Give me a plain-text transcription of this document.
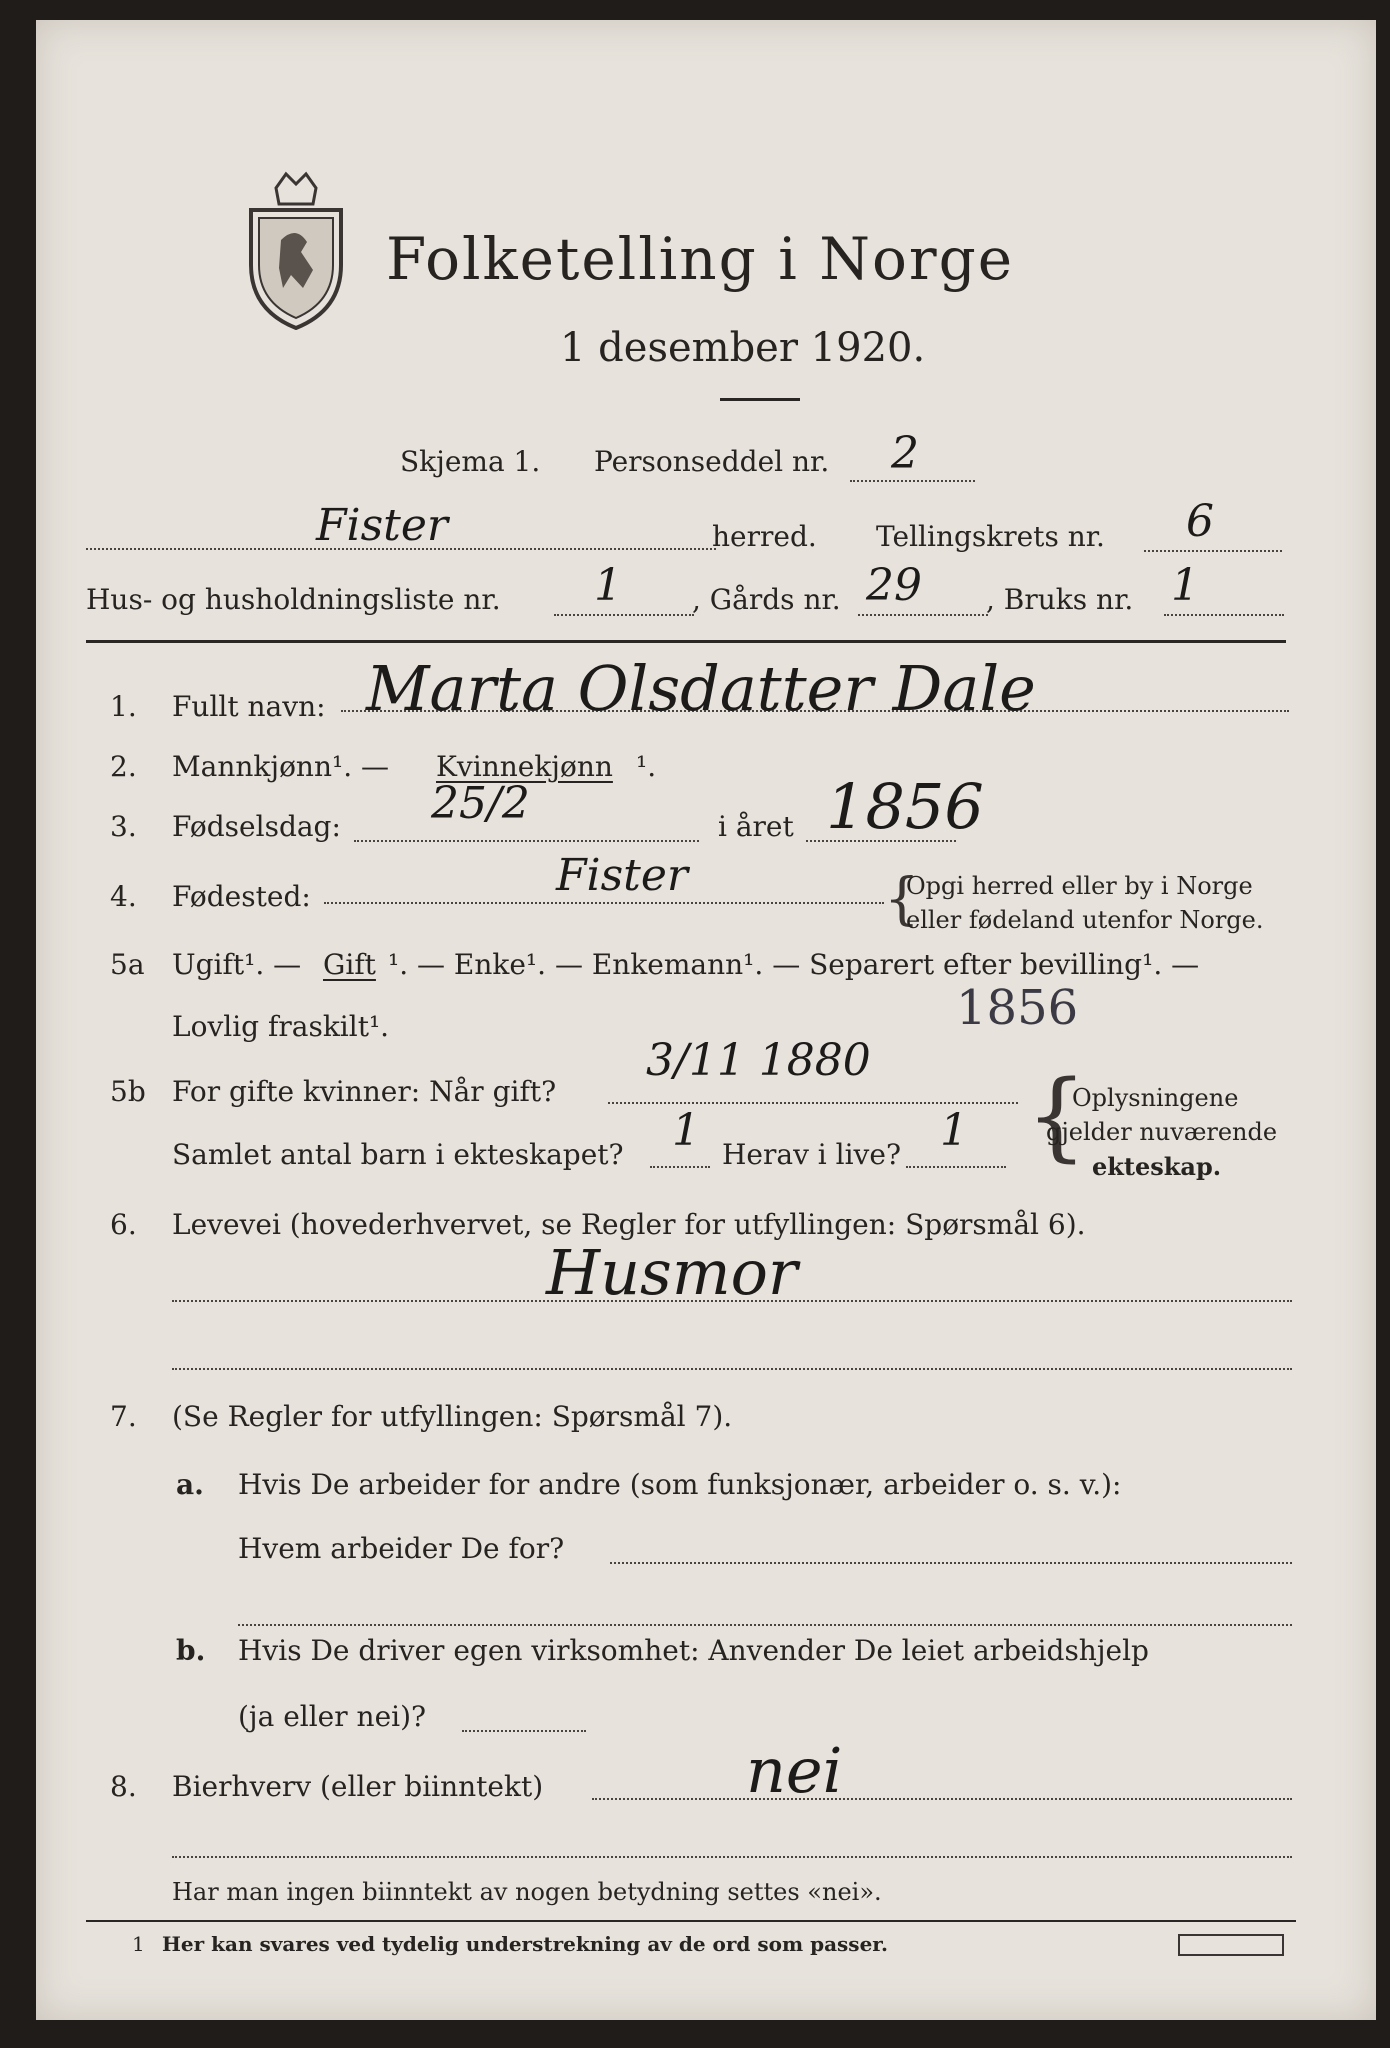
Folketelling i Norge
1 desember 1920.
Skjema 1. Personseddel nr. 2
Fister	herred. Tellingskrets nr. 6
Hus- og husholdningsliste nr. 1	, Gårds nr. 29 , Bruks nr. 1
1. Fullt navn: Marta Olsdatter Dale
2. Mannkjønn¹. — Kvinnekjønn ¹.
3. Fødselsdag: 25/2	i året 1856
4. Fødested:	Fister	{
Opgi herred eller by i Norge
eller fødeland utenfor Norge.
5a Ugift¹. — Gift ¹. — Enke¹. — Enkemann¹. — Separert efter bevilling¹. —
Lovlig fraskilt¹.	1856
5b For gifte kvinner: Når gift?
3/11 1880
Samlet antal barn i ekteskapet? 1 Herav i live? 1 {
Oplysningene
gjelder nuværende
ekteskap.
6. Levevei (hovederhvervet, se Regler for utfyllingen: Spørsmål 6).
Husmor
7. (Se Regler for utfyllingen: Spørsmål 7).
a. Hvis De arbeider for andre (som funksjonær, arbeider o. s. v.):
Hvem arbeider De for?
b. Hvis De driver egen virksomhet: Anvender De leiet arbeidshjelp
(ja eller nei)?
8. Bierhverv (eller biinntekt)	nei
Har man ingen biinntekt av nogen betydning settes «nei».
1 Her kan svares ved tydelig understrekning av de ord som passer.
